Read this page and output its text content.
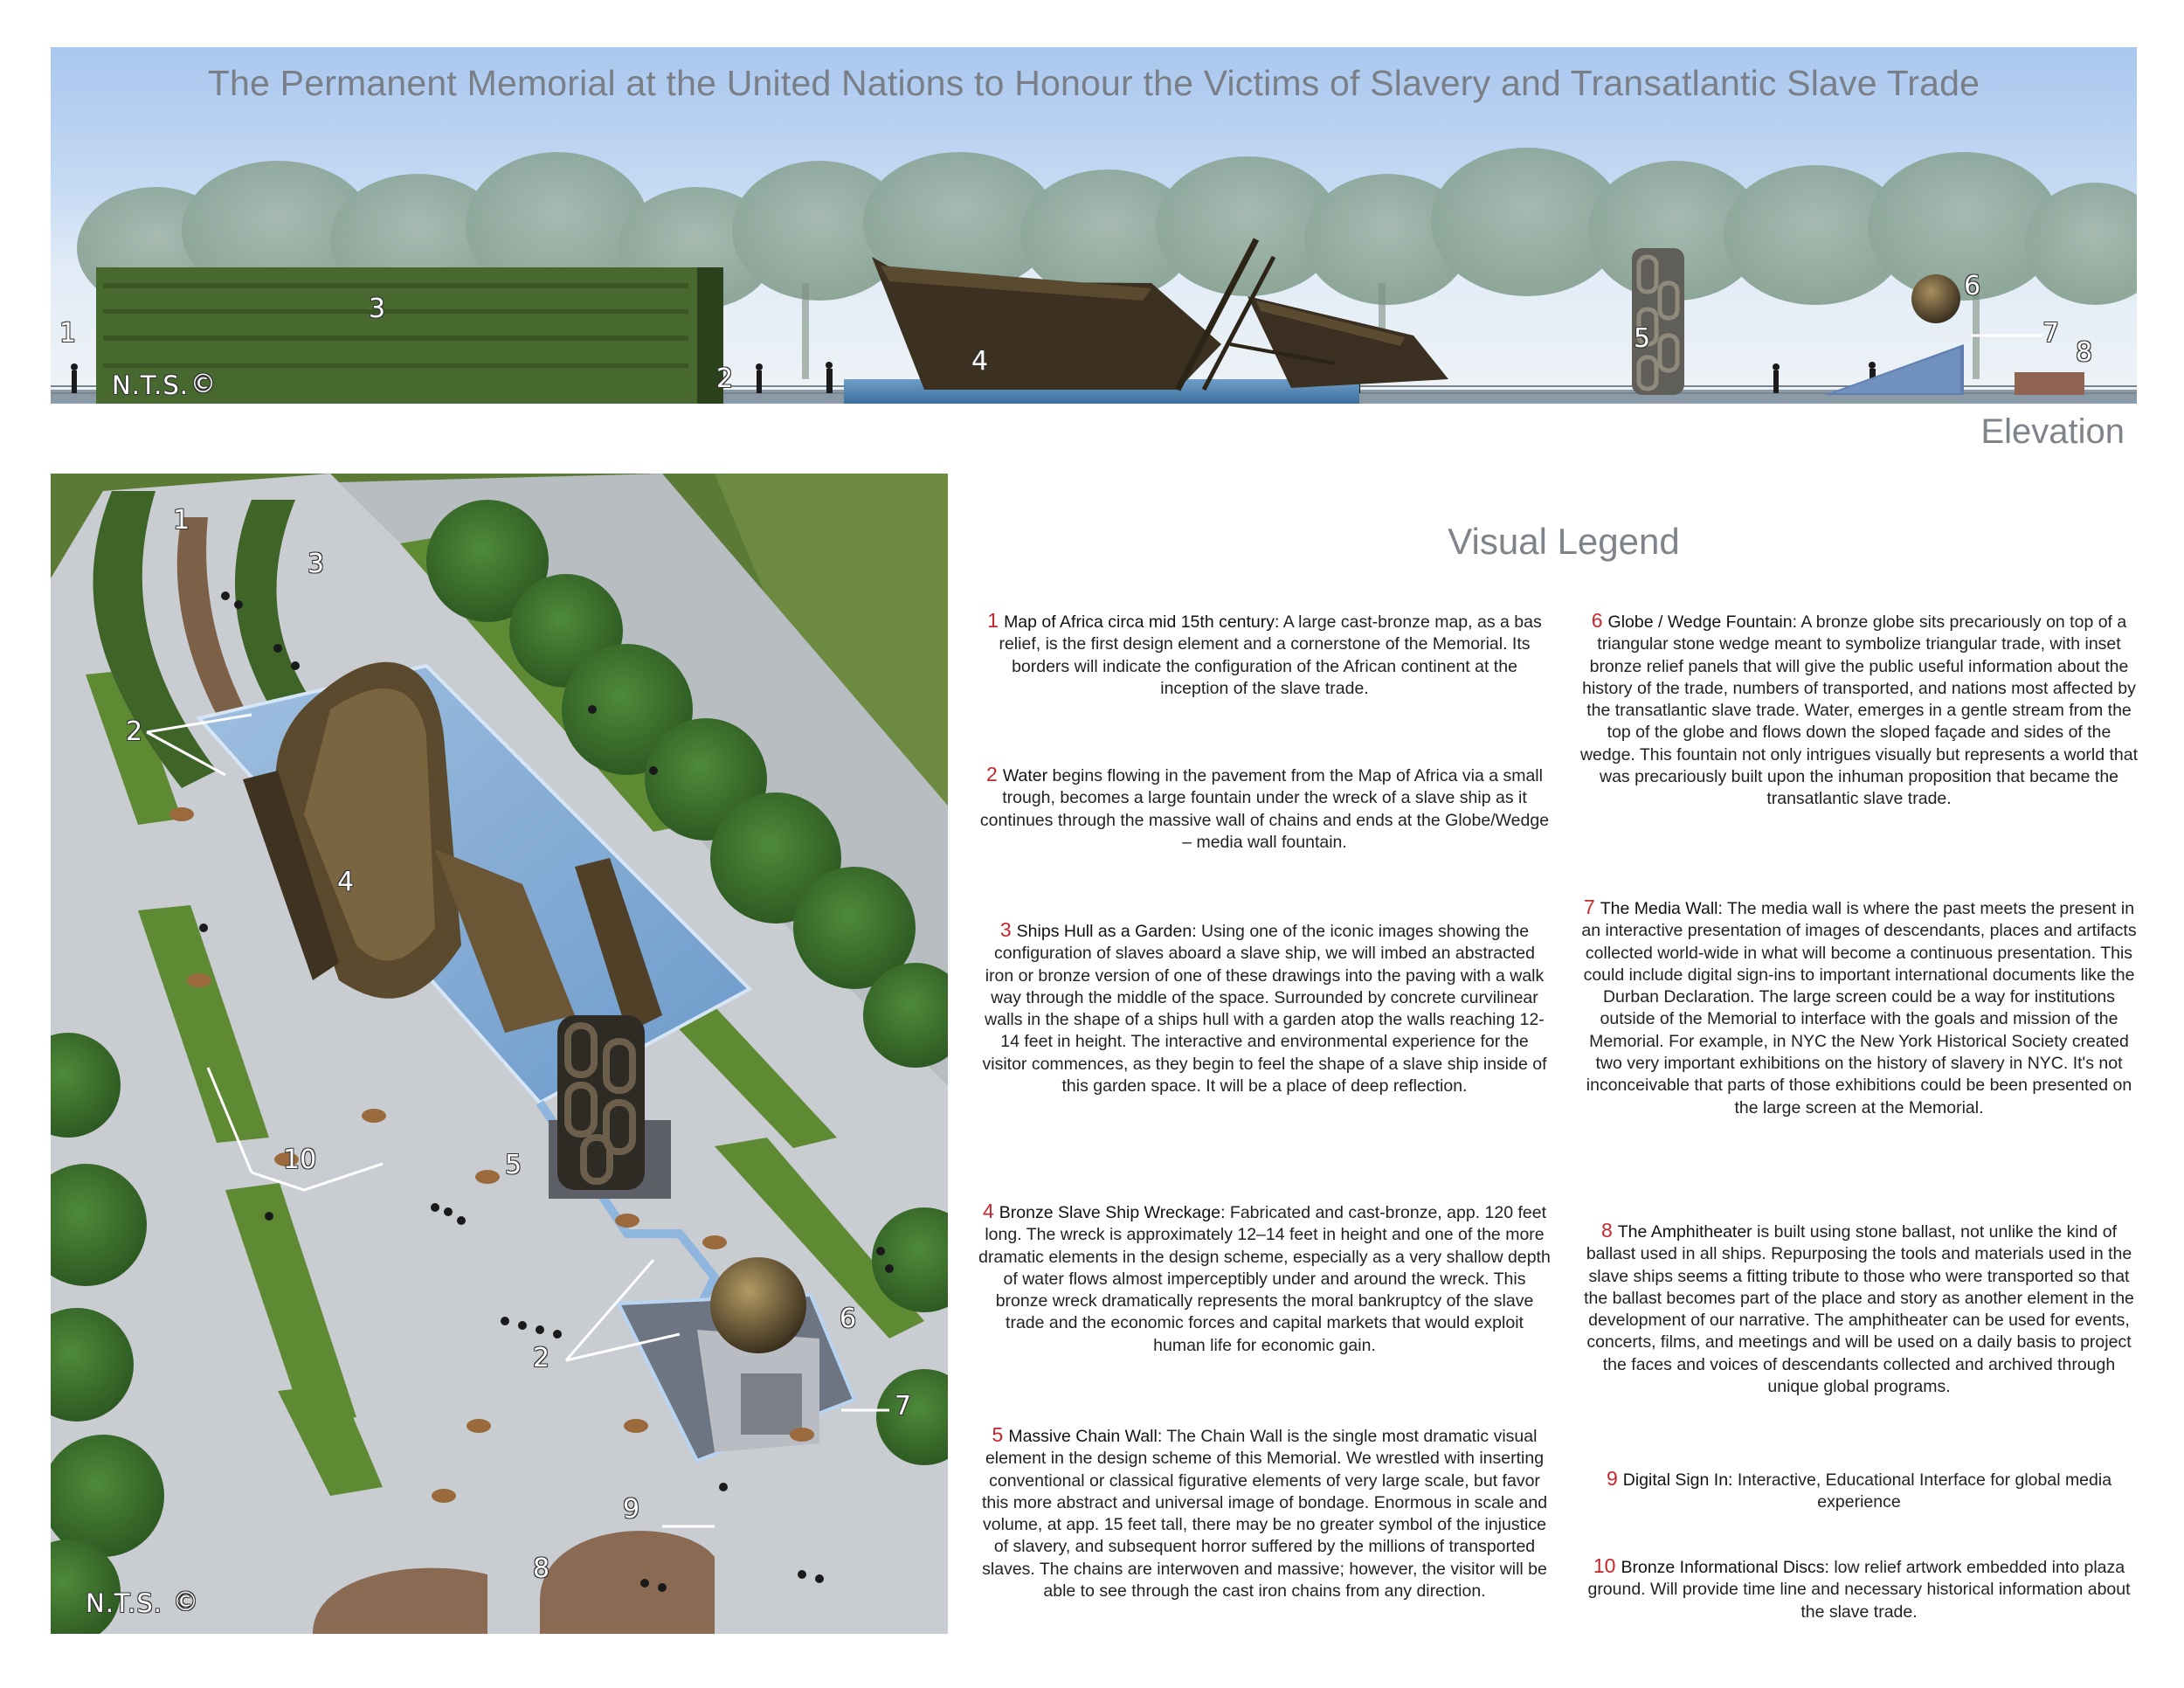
The Permanent Memorial at the United Nations to Honour the Victims of Slavery and Transatlantic Slave Trade
1
2
3
4
5
6
7
8
N.T.S. ©
Elevation
1
2
3
4
5
6
7
8
9
10
2
N.T.S. ©
Visual Legend
1 Map of Africa circa mid 15th century: A large cast-bronze map, as a bas relief, is the first design element and a cornerstone of the Memorial. Its borders will indicate the configuration of the African continent at the inception of the slave trade.
2 Water begins flowing in the pavement from the Map of Africa via a small trough, becomes a large fountain under the wreck of a slave ship as it continues through the massive wall of chains and ends at the Globe/Wedge – media wall fountain.
3 Ships Hull as a Garden: Using one of the iconic images showing the configuration of slaves aboard a slave ship, we will imbed an abstracted iron or bronze version of one of these drawings into the paving with a walk way through the middle of the space. Surrounded by concrete curvilinear walls in the shape of a ships hull with a garden atop the walls reaching 12-14 feet in height. The interactive and environmental experience for the visitor commences, as they begin to feel the shape of a slave ship inside of this garden space. It will be a place of deep reflection.
4 Bronze Slave Ship Wreckage: Fabricated and cast-bronze, app. 120 feet long. The wreck is approximately 12–14 feet in height and one of the more dramatic elements in the design scheme, especially as a very shallow depth of water flows almost imperceptibly under and around the wreck. This bronze wreck dramatically represents the moral bankruptcy of the slave trade and the economic forces and capital markets that would exploit human life for economic gain.
5 Massive Chain Wall: The Chain Wall is the single most dramatic visual element in the design scheme of this Memorial. We wrestled with inserting conventional or classical figurative elements of very large scale, but favor this more abstract and universal image of bondage. Enormous in scale and volume, at app. 15 feet tall, there may be no greater symbol of the injustice of slavery, and subsequent horror suffered by the millions of transported slaves. The chains are interwoven and massive; however, the visitor will be able to see through the cast iron chains from any direction.
6 Globe / Wedge Fountain: A bronze globe sits precariously on top of a triangular stone wedge meant to symbolize triangular trade, with inset bronze relief panels that will give the public useful information about the history of the trade, numbers of transported, and nations most affected by the transatlantic slave trade. Water, emerges in a gentle stream from the top of the globe and flows down the sloped façade and sides of the wedge. This fountain not only intrigues visually but represents a world that was precariously built upon the inhuman proposition that became the transatlantic slave trade.
7 The Media Wall: The media wall is where the past meets the present in an interactive presentation of images of descendants, places and artifacts collected world-wide in what will become a continuous presentation. This could include digital sign-ins to important international documents like the Durban Declaration. The large screen could be a way for institutions outside of the Memorial to interface with the goals and mission of the Memorial. For example, in NYC the New York Historical Society created two very important exhibitions on the history of slavery in NYC. It's not inconceivable that parts of those exhibitions could be been presented on the large screen at the Memorial.
8 The Amphitheater is built using stone ballast, not unlike the kind of ballast used in all ships. Repurposing the tools and materials used in the slave ships seems a fitting tribute to those who were transported so that the ballast becomes part of the place and story as another element in the development of our narrative. The amphitheater can be used for events, concerts, films, and meetings and will be used on a daily basis to project the faces and voices of descendants collected and archived through unique global programs.
9 Digital Sign In: Interactive, Educational Interface for global media experience
10 Bronze Informational Discs: low relief artwork embedded into plaza ground. Will provide time line and necessary historical information about the slave trade.
